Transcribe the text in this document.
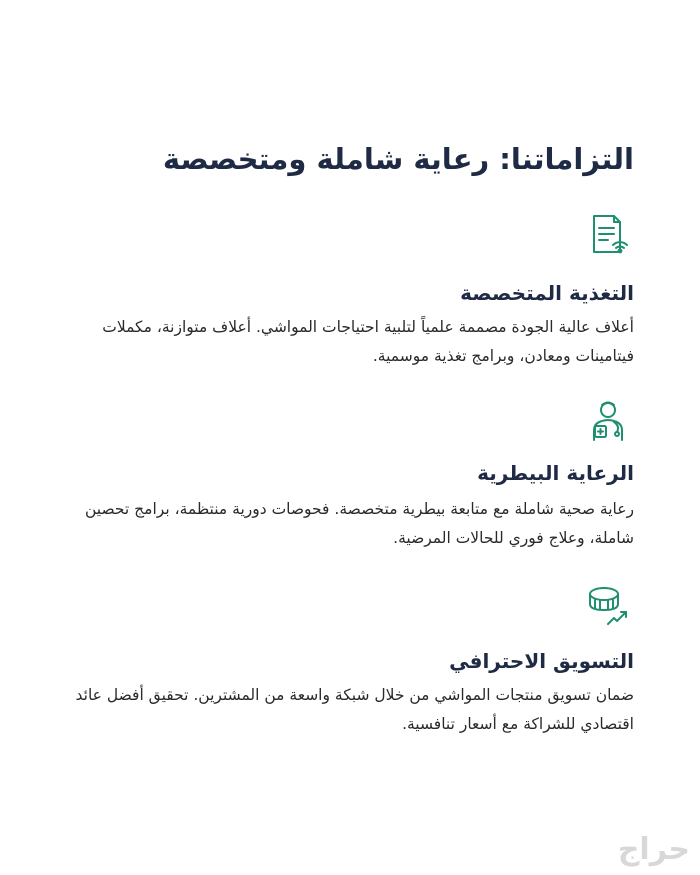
التزاماتنا: رعاية شاملة ومتخصصة
التغذية المتخصصة

أعلاف عالية الجودة مصممة علمياً لتلبية احتياجات المواشي. أعلاف متوازنة، مكملات فيتامينات ومعادن، وبرامج تغذية موسمية.

الرعاية البيطرية

رعاية صحية شاملة مع متابعة بيطرية متخصصة. فحوصات دورية منتظمة، برامج تحصين شاملة، وعلاج فوري للحالات المرضية.

التسويق الاحترافي

ضمان تسويق منتجات المواشي من خلال شبكة واسعة من المشترين. تحقيق أفضل عائد اقتصادي للشراكة مع أسعار تنافسية.

حراج
